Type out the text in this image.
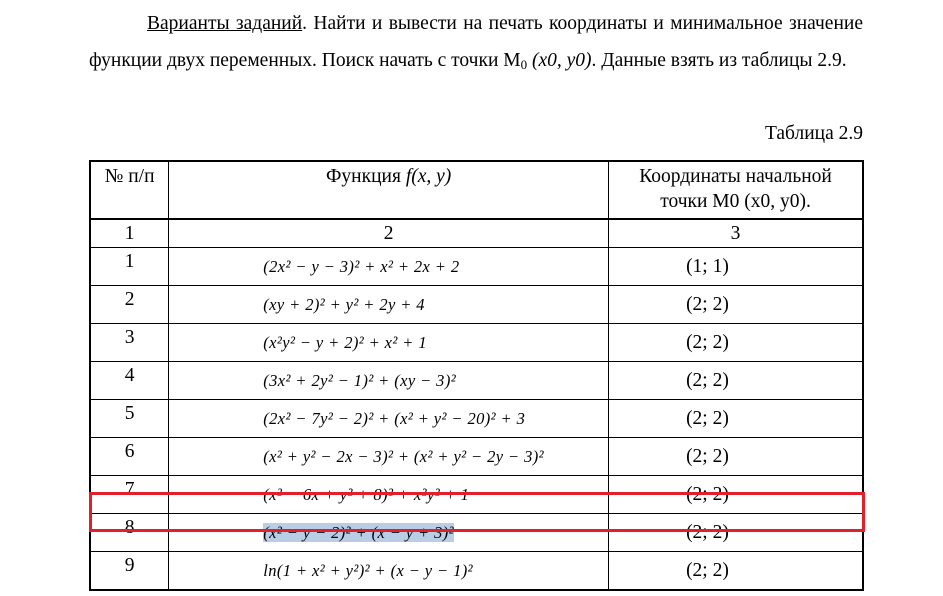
Варианты заданий. Найти и вывести на печать координаты и минимальное значение функции двух переменных. Поиск начать с точки $M_0$ (x0, y0). Данные взять из таблицы 2.9.

Таблица 2.9

№ п/п	Функция f(x, y)	Координаты начальной
точки M0 (x0, y0).
1	2	3
1	(2x² − y − 3)² + x² + 2x + 2	(1; 1)
2	(xy + 2)² + y² + 2y + 4	(2; 2)
3	(x²y² − y + 2)² + x² + 1	(2; 2)
4	(3x² + 2y² − 1)² + (xy − 3)²	(2; 2)
5	(2x² − 7y² − 2)² + (x² + y² − 20)² + 3	(2; 2)
6	(x² + y² − 2x − 3)² + (x² + y² − 2y − 3)²	(2; 2)
7	(x² − 6x + y² + 8)² + x²y² + 1	(2; 2)
8	(x² − y − 2)² + (x − y + 3)²	(2; 2)
9	ln(1 + x² + y²)² + (x − y − 1)²	(2; 2)
